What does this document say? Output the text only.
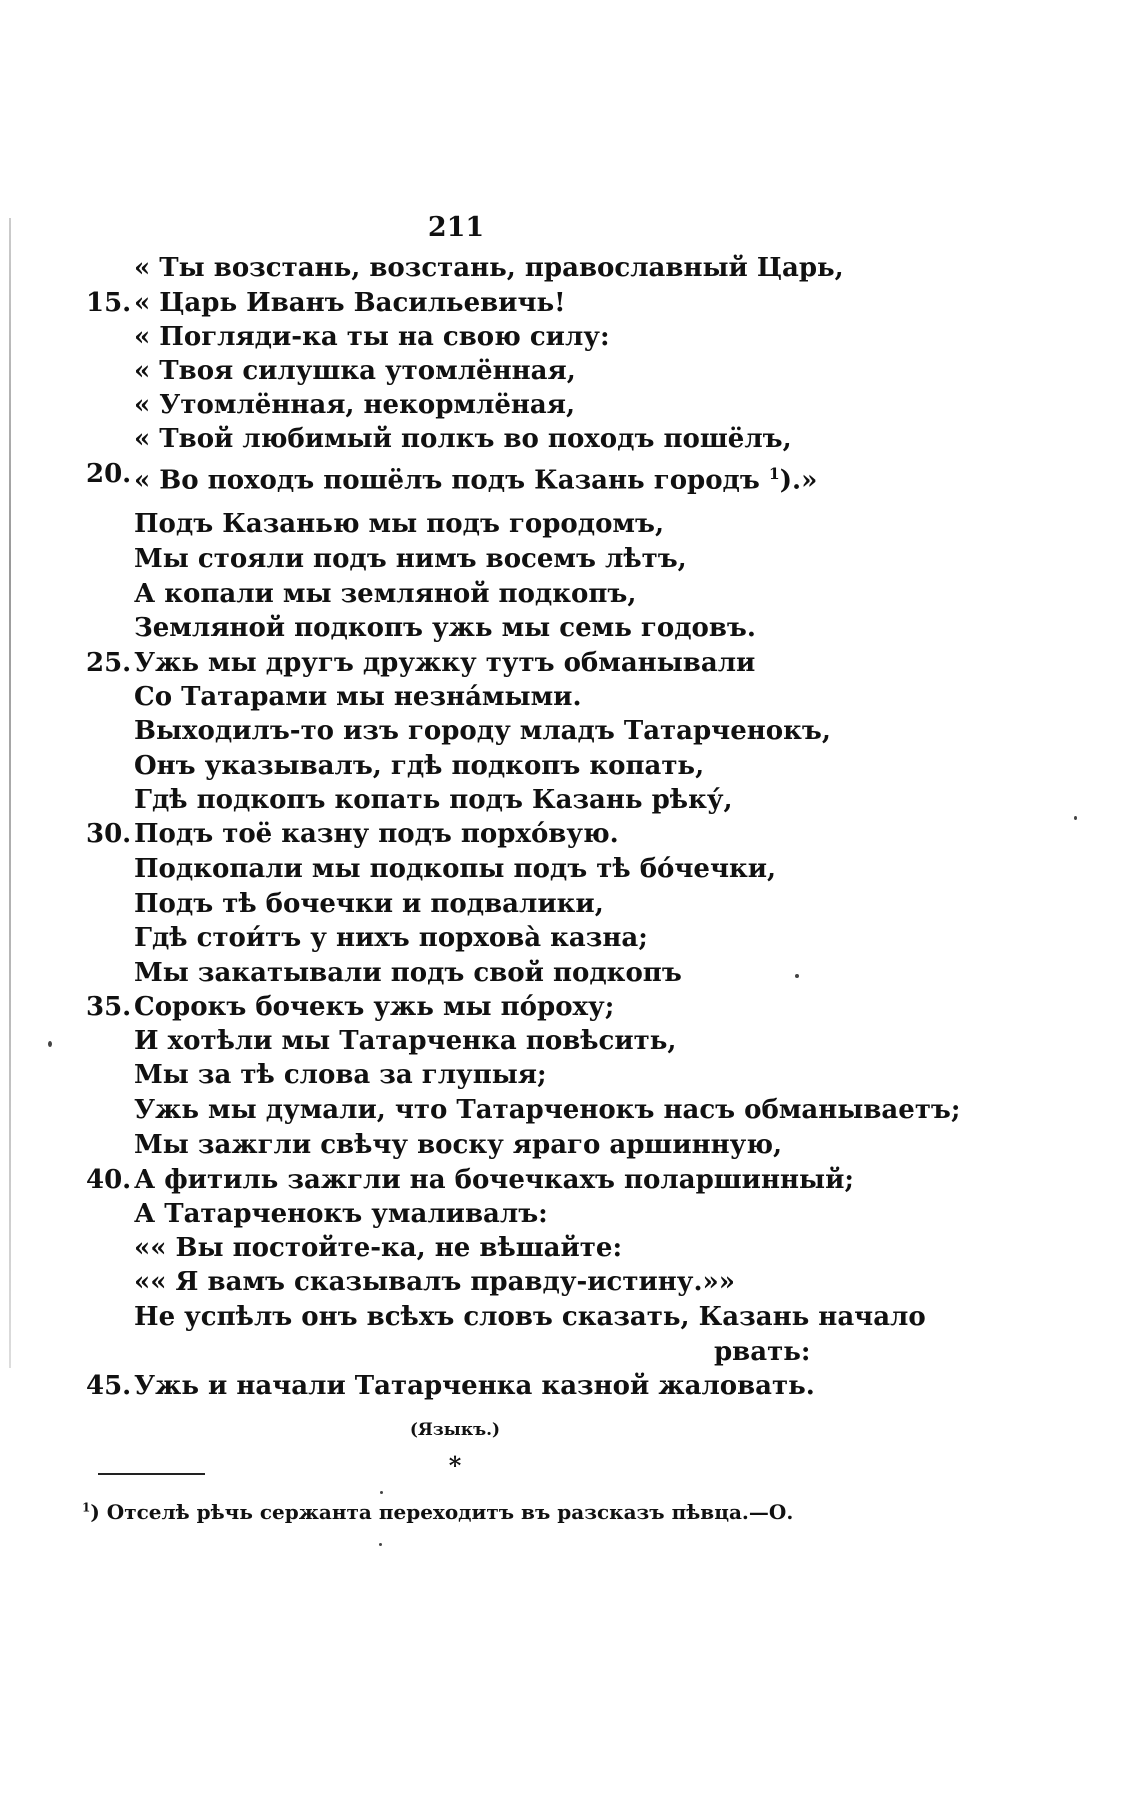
211
« Ты возстань, возстань, православный Царь,
15. « Царь Иванъ Васильевичь!
« Погляди-ка ты на свою силу:
« Твоя силушка утомлённая,
« Утомлённая, некормлёная,
« Твой любимый полкъ во походъ пошёлъ,
20. « Во походъ пошёлъ подъ Казань городъ $^1$).»
Подъ Казанью мы подъ городомъ,
Мы стояли подъ нимъ восемъ лѣтъ,
А копали мы земляной подкопъ,
Земляной подкопъ ужь мы семь годовъ.
25. Ужь мы другъ дружку тутъ обманывали
Со Татарами мы незна́мыми.
Выходилъ-то изъ городу младъ Татарченокъ,
Онъ указывалъ, гдѣ подкопъ копать,
Гдѣ подкопъ копать подъ Казань рѣку́,
30. Подъ тоё казну подъ порхо́вую.
Подкопали мы подкопы подъ тѣ бо́чечки,
Подъ тѣ бочечки и подвалики,
Гдѣ стои́тъ у нихъ порхова̀ казна;
Мы закатывали подъ свой подкопъ
35. Сорокъ бочекъ ужь мы по́роху;
И хотѣли мы Татарченка повѣсить,
Мы за тѣ слова за глупыя;
Ужь мы думали, что Татарченокъ насъ обманываетъ;
Мы зажгли свѣчу воску яраго аршинную,
40. А фитиль зажгли на бочечкахъ поларшинный;
А Татарченокъ умаливалъ:
«« Вы постойте-ка, не вѣшайте:
«« Я вамъ сказывалъ правду-истину.»»
Не успѣлъ онъ всѣхъ словъ сказать, Казань начало
рвать:
45. Ужь и начали Татарченка казной жаловать.
(Языкъ.)
*
$^1$) Отселѣ рѣчь сержанта переходитъ въ разсказъ пѣвца.—О.
